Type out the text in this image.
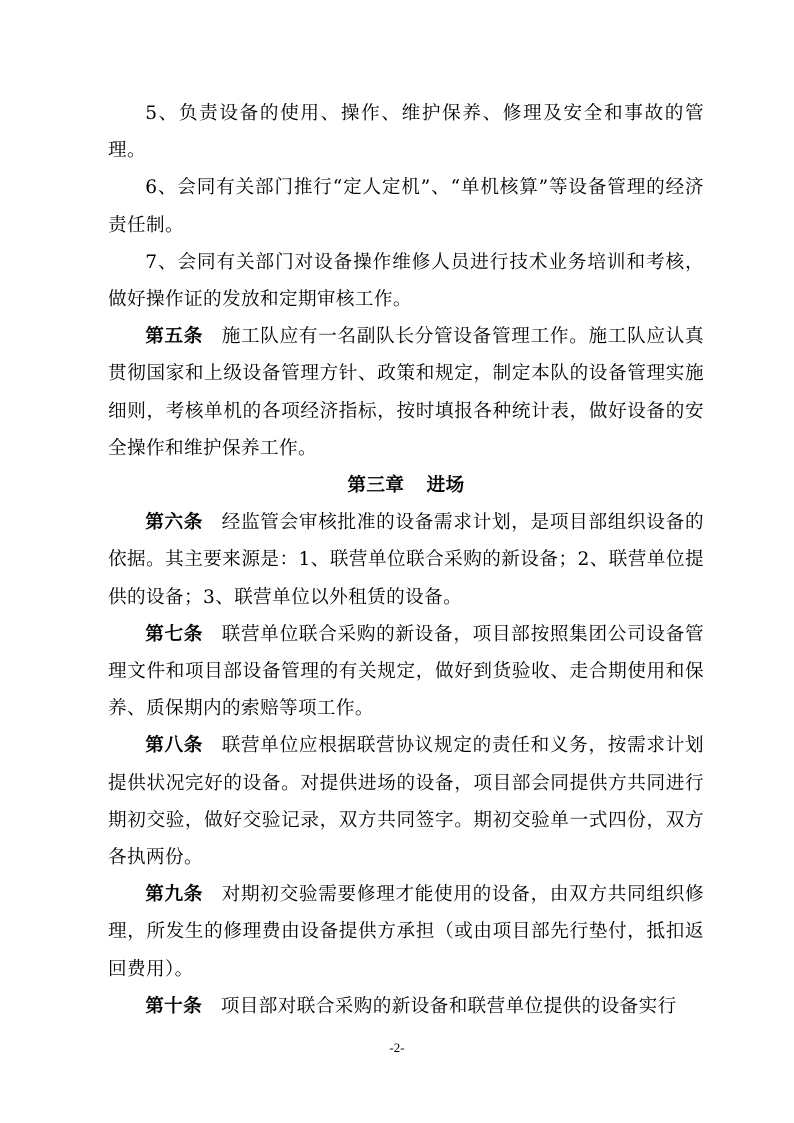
5、负责设备的使用、操作、维护保养、修理及安全和事故的管理。

6、会同有关部门推行“定人定机”、“单机核算”等设备管理的经济责任制。

7、会同有关部门对设备操作维修人员进行技术业务培训和考核，做好操作证的发放和定期审核工作。

第五条 施工队应有一名副队长分管设备管理工作。施工队应认真贯彻国家和上级设备管理方针、政策和规定，制定本队的设备管理实施细则，考核单机的各项经济指标，按时填报各种统计表，做好设备的安全操作和维护保养工作。

第三章 进场

第六条 经监管会审核批准的设备需求计划，是项目部组织设备的依据。其主要来源是：1、联营单位联合采购的新设备；2、联营单位提供的设备；3、联营单位以外租赁的设备。

第七条 联营单位联合采购的新设备，项目部按照集团公司设备管理文件和项目部设备管理的有关规定，做好到货验收、走合期使用和保养、质保期内的索赔等项工作。

第八条 联营单位应根据联营协议规定的责任和义务，按需求计划提供状况完好的设备。对提供进场的设备，项目部会同提供方共同进行期初交验，做好交验记录，双方共同签字。期初交验单一式四份，双方各执两份。

第九条 对期初交验需要修理才能使用的设备，由双方共同组织修理，所发生的修理费由设备提供方承担（或由项目部先行垫付，抵扣返回费用）。

第十条 项目部对联合采购的新设备和联营单位提供的设备实行

-2-
